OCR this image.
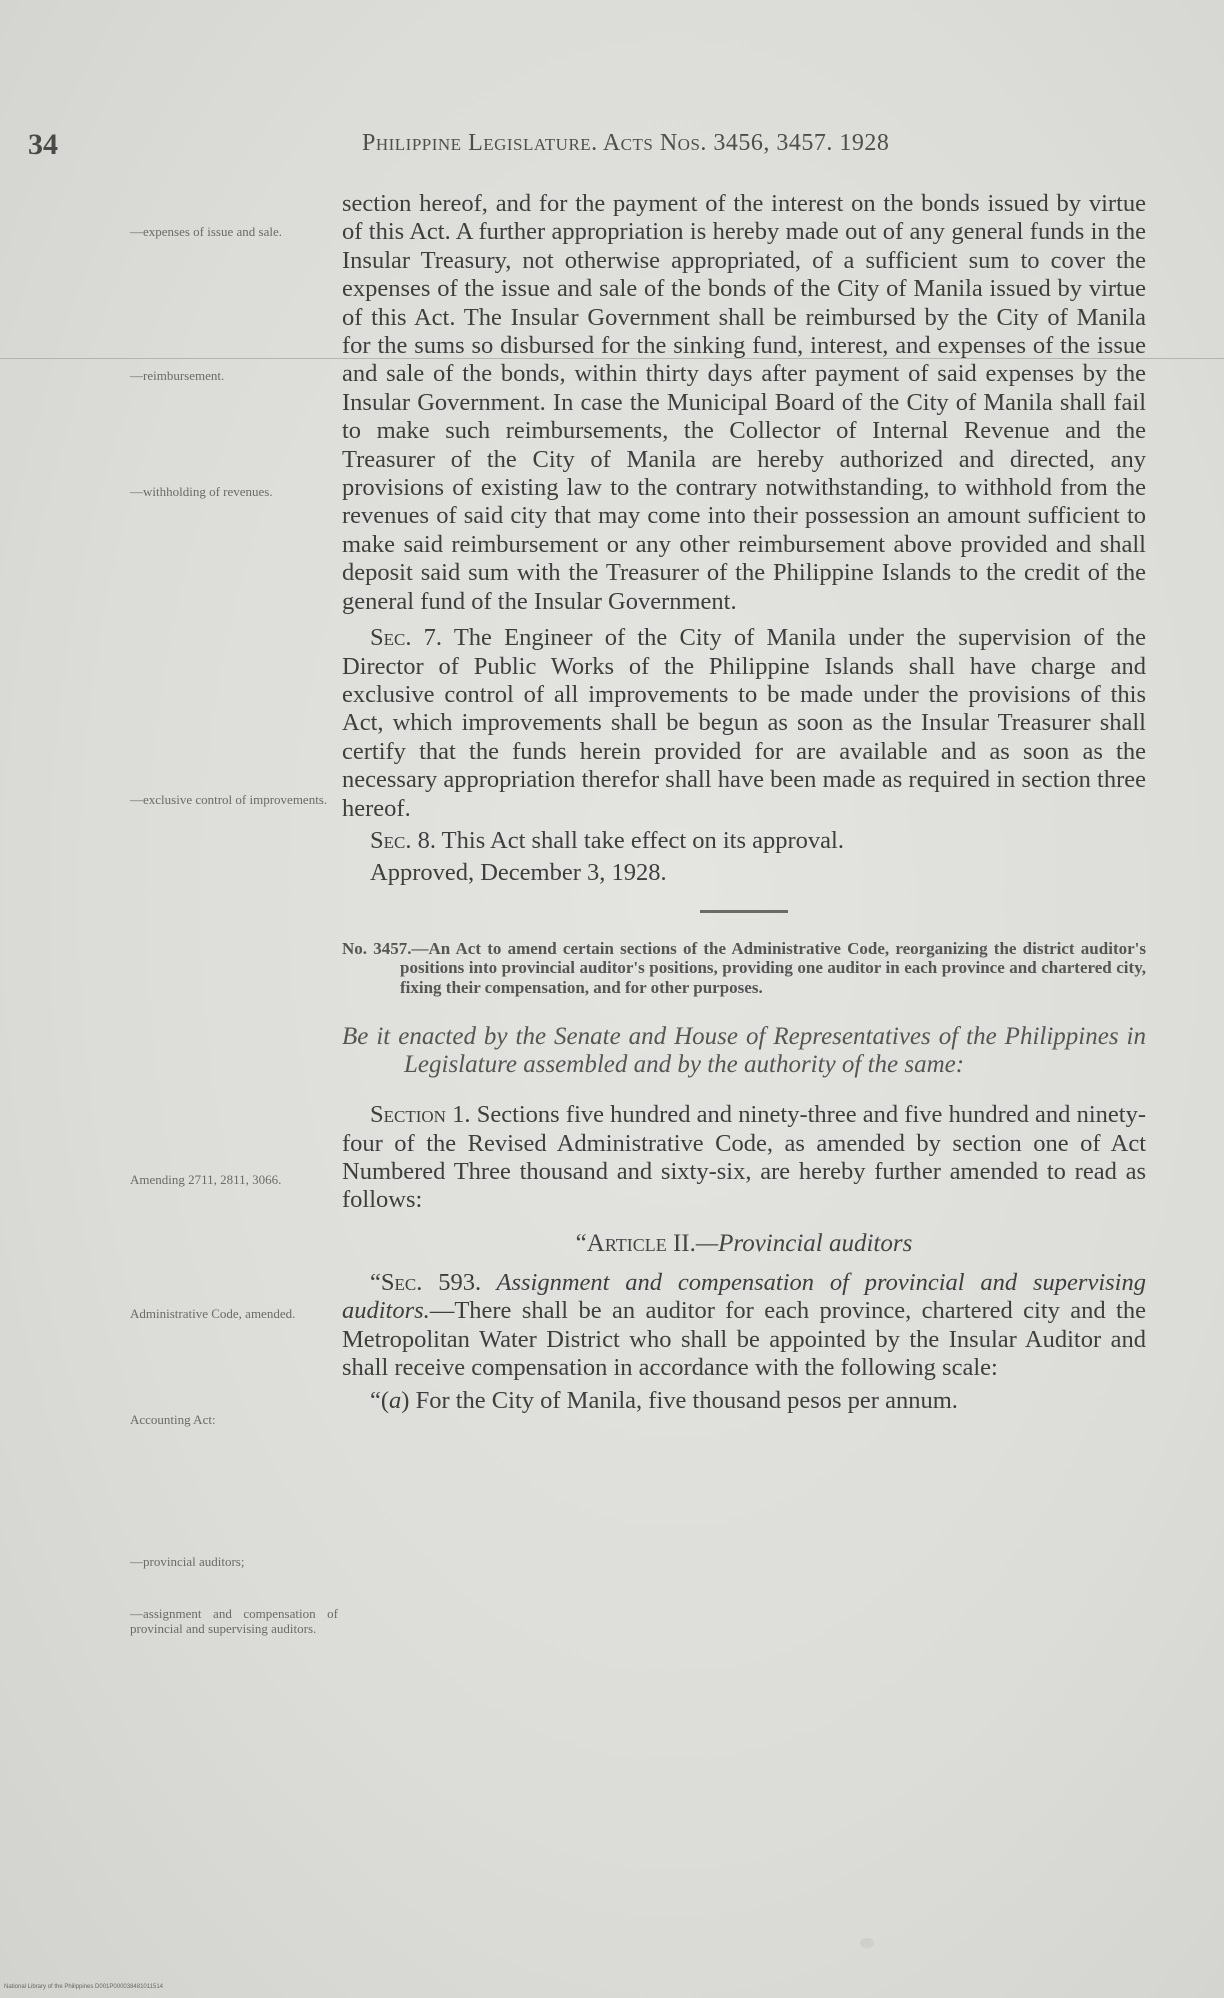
34	Philippine Legislature. Acts Nos. 3456, 3457. 1928
—expenses of issue and sale.
—reimbursement.
—withholding of revenues.
—exclusive control of improvements.
Amending 2711, 2811, 3066.
Administrative Code, amended.
Accounting Act:
—provincial auditors;
—assignment and compensation of provincial and supervising auditors.

section hereof, and for the payment of the interest on the bonds issued by virtue of this Act. A further appropriation is hereby made out of any general funds in the Insular Treasury, not otherwise appropriated, of a sufficient sum to cover the expenses of the issue and sale of the bonds of the City of Manila issued by virtue of this Act. The Insular Government shall be reimbursed by the City of Manila for the sums so disbursed for the sinking fund, interest, and expenses of the issue and sale of the bonds, within thirty days after payment of said expenses by the Insular Government. In case the Municipal Board of the City of Manila shall fail to make such reimbursements, the Collector of Internal Revenue and the Treasurer of the City of Manila are hereby authorized and directed, any provisions of existing law to the contrary notwithstanding, to withhold from the revenues of said city that may come into their possession an amount sufficient to make said reimbursement or any other reimbursement above provided and shall deposit said sum with the Treasurer of the Philippine Islands to the credit of the general fund of the Insular Government.

Sec. 7. The Engineer of the City of Manila under the supervision of the Director of Public Works of the Philippine Islands shall have charge and exclusive control of all improvements to be made under the provisions of this Act, which improvements shall be begun as soon as the Insular Treasurer shall certify that the funds herein provided for are available and as soon as the necessary appropriation therefor shall have been made as required in section three hereof.

Sec. 8. This Act shall take effect on its approval.

Approved, December 3, 1928.

No. 3457.—An Act to amend certain sections of the Administrative Code, reorganizing the district auditor's positions into provincial auditor's positions, providing one auditor in each province and chartered city, fixing their compensation, and for other purposes.

Be it enacted by the Senate and House of Representatives of the Philippines in Legislature assembled and by the authority of the same:

Section 1. Sections five hundred and ninety-three and five hundred and ninety-four of the Revised Administrative Code, as amended by section one of Act Numbered Three thousand and sixty-six, are hereby further amended to read as follows:

“Article II.—Provincial auditors

“Sec. 593. Assignment and compensation of provincial and supervising auditors.—There shall be an auditor for each province, chartered city and the Metropolitan Water District who shall be appointed by the Insular Auditor and shall receive compensation in accordance with the following scale:

“(a) For the City of Manila, five thousand pesos per annum.

National Library of the Philippines D001P000038481011514
